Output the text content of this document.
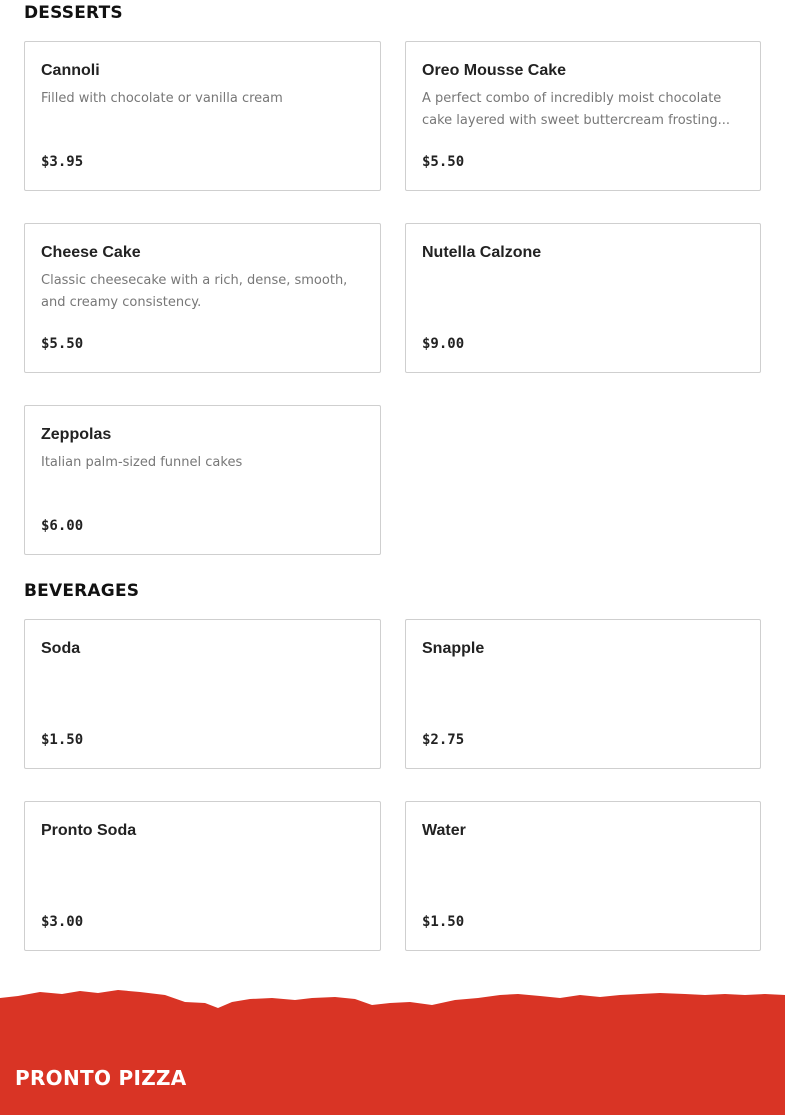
DESSERTS
Cannoli
Filled with chocolate or vanilla cream
$3.95
Oreo Mousse Cake
A perfect combo of incredibly moist chocolate cake layered with sweet buttercream frosting...
$5.50
Cheese Cake
Classic cheesecake with a rich, dense, smooth, and creamy consistency.
$5.50
Nutella Calzone
$9.00
Zeppolas
Italian palm-sized funnel cakes
$6.00
BEVERAGES
Soda
$1.50
Snapple
$2.75
Pronto Soda
$3.00
Water
$1.50
PRONTO PIZZA
